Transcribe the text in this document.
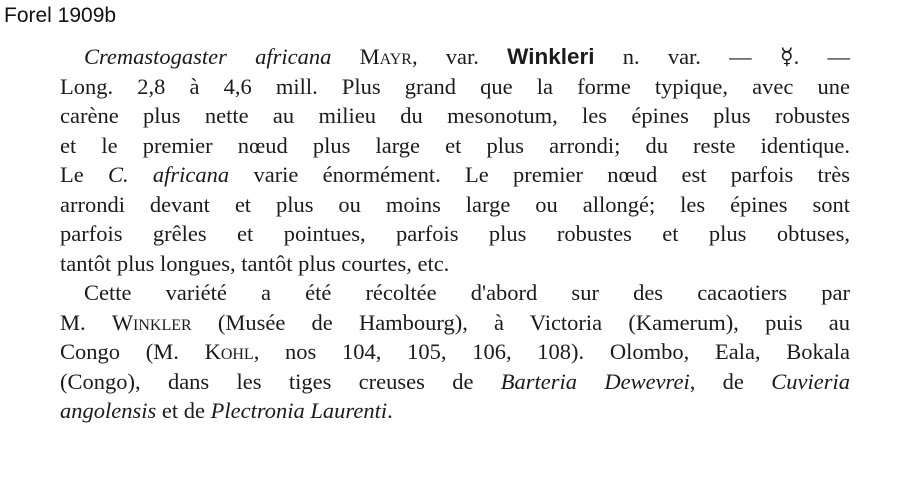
Forel 1909b
Cremastogaster africana Mayr, var. Winkleri n. var. — ☿. —
Long. 2,8 à 4,6 mill. Plus grand que la forme typique, avec une
carène plus nette au milieu du mesonotum, les épines plus robustes
et le premier nœud plus large et plus arrondi; du reste identique.
Le C. africana varie énormément. Le premier nœud est parfois très
arrondi devant et plus ou moins large ou allongé; les épines sont
parfois grêles et pointues, parfois plus robustes et plus obtuses,
tantôt plus longues, tantôt plus courtes, etc.
Cette variété a été récoltée d'abord sur des cacaotiers par
M. Winkler (Musée de Hambourg), à Victoria (Kamerum), puis au
Congo (M. Kohl, nos 104, 105, 106, 108). Olombo, Eala, Bokala
(Congo), dans les tiges creuses de Barteria Dewevrei, de Cuvieria
angolensis et de Plectronia Laurenti.
